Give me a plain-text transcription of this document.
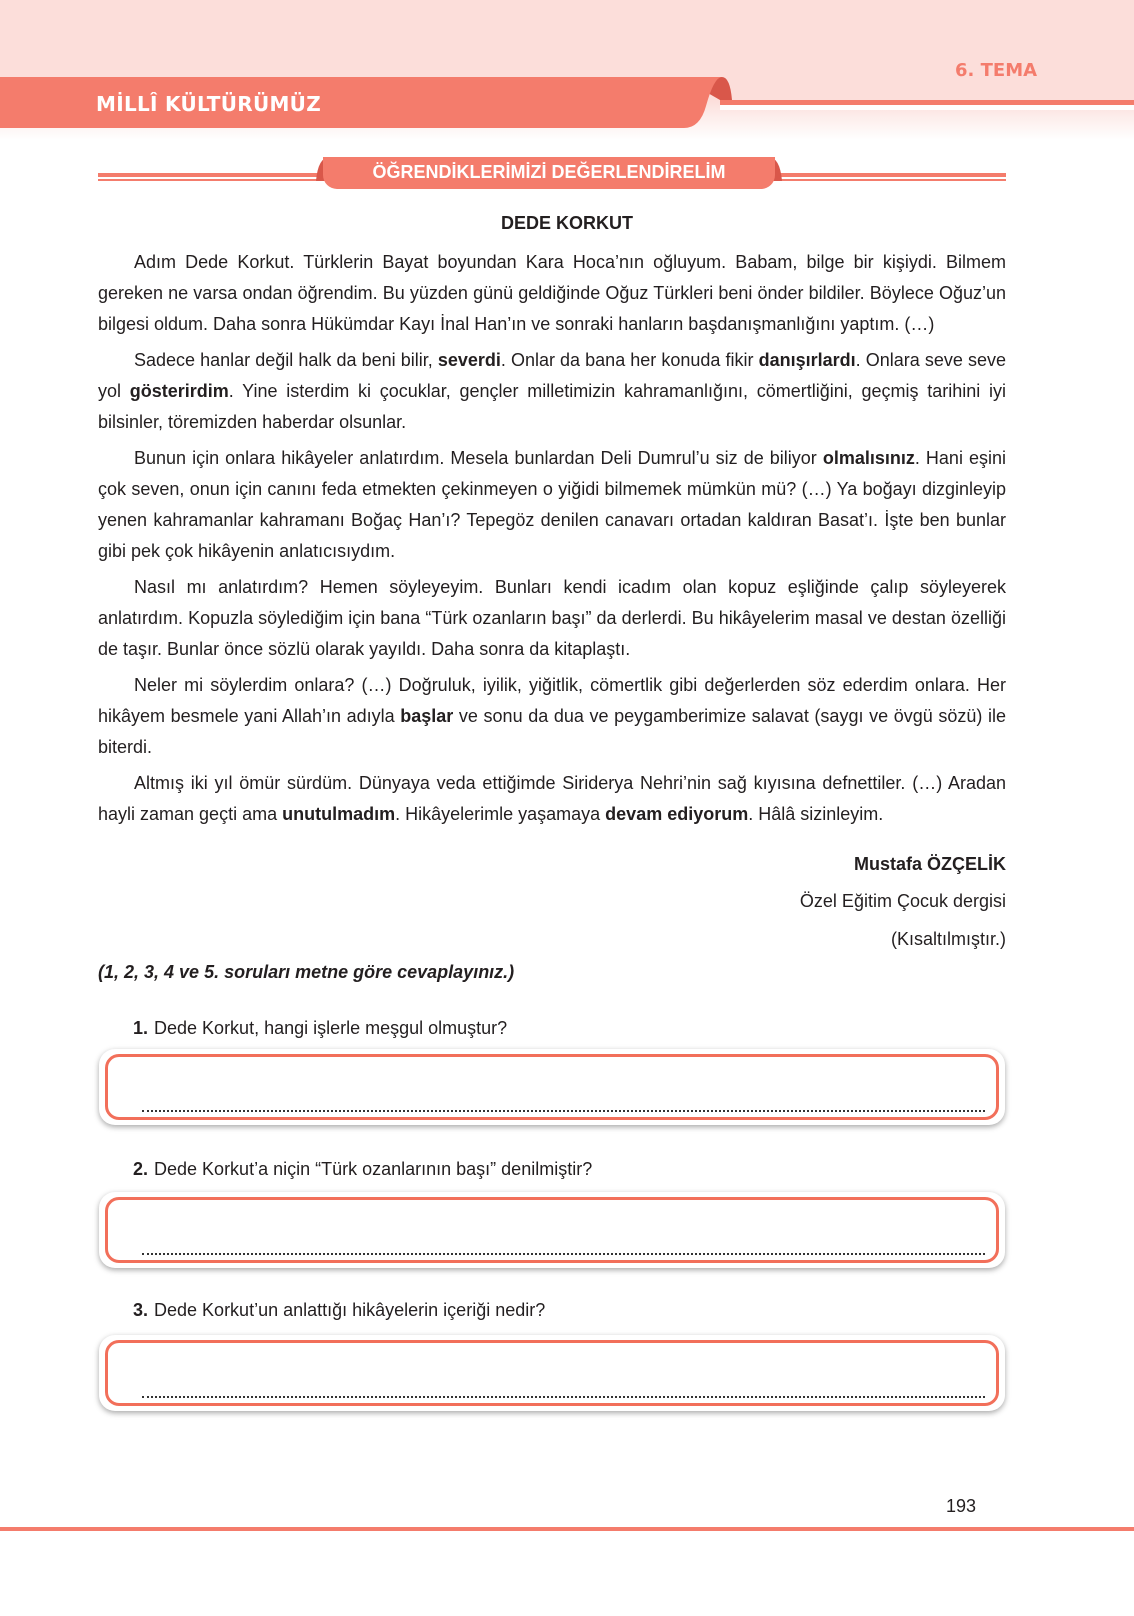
MİLLÎ KÜLTÜRÜMÜZ
6. TEMA
ÖĞRENDİKLERİMİZİ DEĞERLENDİRELİM
DEDE KORKUT

Adım Dede Korkut. Türklerin Bayat boyundan Kara Hoca’nın oğluyum. Babam, bilge bir kişiydi. Bilmem gereken ne varsa ondan öğrendim. Bu yüzden günü geldiğinde Oğuz Türkleri beni önder bildiler. Böylece Oğuz’un bilgesi oldum. Daha sonra Hükümdar Kayı İnal Han’ın ve sonraki hanların başdanışmanlığını yaptım. (…)

Sadece hanlar değil halk da beni bilir, severdi. Onlar da bana her konuda fikir danışırlardı. Onlara seve seve yol gösterirdim. Yine isterdim ki çocuklar, gençler milletimizin kahramanlığını, cömertliğini, geçmiş tarihini iyi bilsinler, töremizden haberdar olsunlar.

Bunun için onlara hikâyeler anlatırdım. Mesela bunlardan Deli Dumrul’u siz de biliyor olmalısınız. Hani eşini çok seven, onun için canını feda etmekten çekinmeyen o yiğidi bilmemek mümkün mü? (…) Ya boğayı dizginleyip yenen kahramanlar kahramanı Boğaç Han’ı? Tepegöz denilen canavarı ortadan kaldıran Basat’ı. İşte ben bunlar gibi pek çok hikâyenin anlatıcısıydım.

Nasıl mı anlatırdım? Hemen söyleyeyim. Bunları kendi icadım olan kopuz eşliğinde çalıp söyleyerek anlatırdım. Kopuzla söylediğim için bana “Türk ozanların başı” da derlerdi. Bu hikâyelerim masal ve destan özelliği de taşır. Bunlar önce sözlü olarak yayıldı. Daha sonra da kitaplaştı.

Neler mi söylerdim onlara? (…) Doğruluk, iyilik, yiğitlik, cömertlik gibi değerlerden söz ederdim onlara. Her hikâyem besmele yani Allah’ın adıyla başlar ve sonu da dua ve peygamberimize salavat (saygı ve övgü sözü) ile biterdi.

Altmış iki yıl ömür sürdüm. Dünyaya veda ettiğimde Siriderya Nehri’nin sağ kıyısına defnettiler. (…) Aradan hayli zaman geçti ama unutulmadım. Hikâyelerimle yaşamaya devam ediyorum. Hâlâ sizinleyim.

Mustafa ÖZÇELİK
Özel Eğitim Çocuk dergisi
(Kısaltılmıştır.)
(1, 2, 3, 4 ve 5. soruları metne göre cevaplayınız.)
1. Dede Korkut, hangi işlerle meşgul olmuştur?
2. Dede Korkut’a niçin “Türk ozanlarının başı” denilmiştir?
3. Dede Korkut’un anlattığı hikâyelerin içeriği nedir?
193
